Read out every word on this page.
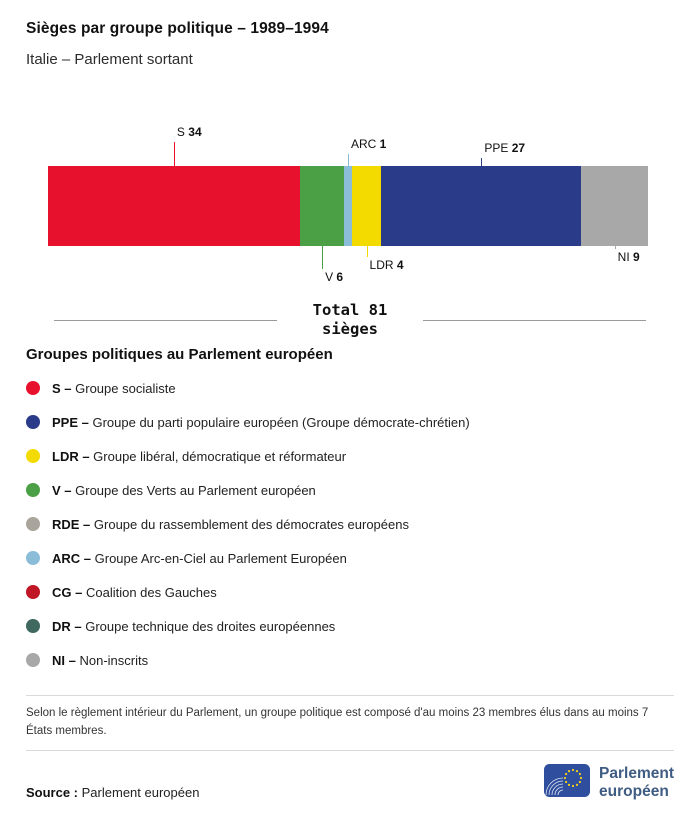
Sièges par groupe politique – 1989–1994
Italie – Parlement sortant
S 34
V 6
ARC 1
LDR 4
PPE 27
NI 9
Total 81
sièges
Groupes politiques au Parlement européen
S – Groupe socialiste
PPE – Groupe du parti populaire européen (Groupe démocrate-chrétien)
LDR – Groupe libéral, démocratique et réformateur
V – Groupe des Verts au Parlement européen
RDE – Groupe du rassemblement des démocrates européens
ARC – Groupe Arc-en-Ciel au Parlement Européen
CG – Coalition des Gauches
DR – Groupe technique des droites européennes
NI – Non-inscrits

Selon le règlement intérieur du Parlement, un groupe politique est composé d'au moins 23 membres élus dans au moins 7 États membres.

Source : Parlement européen
Parlement
européen
